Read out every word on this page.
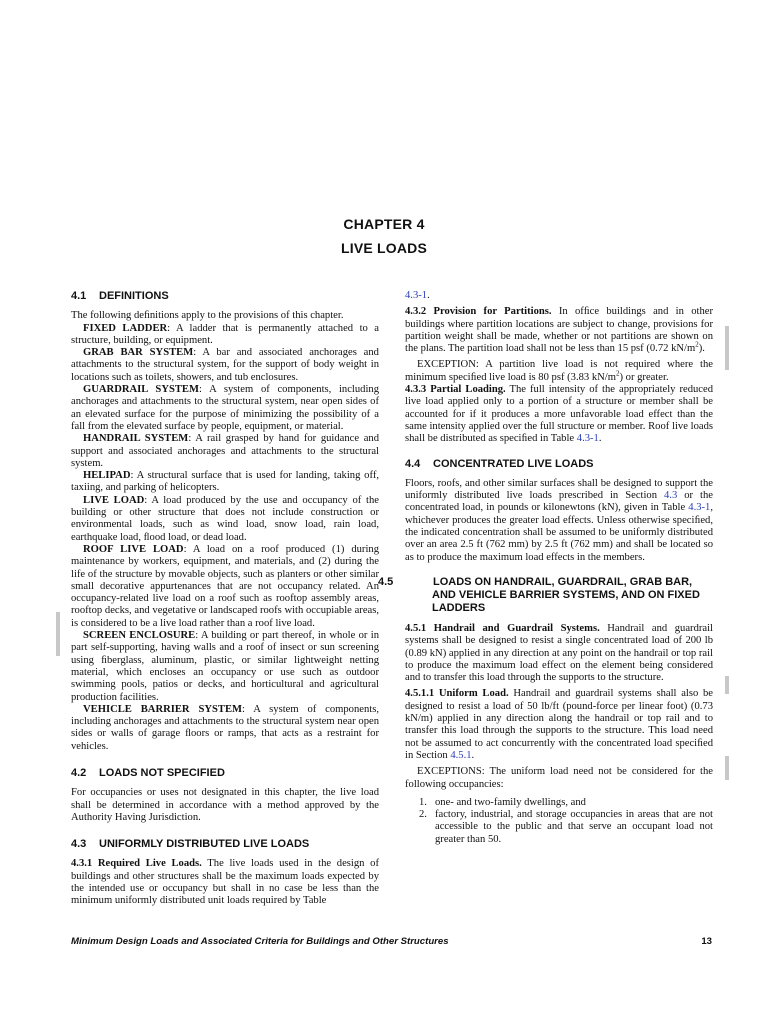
CHAPTER 4
LIVE LOADS
4.1 DEFINITIONS

The following deﬁnitions apply to the provisions of this chapter.

FIXED LADDER: A ladder that is permanently attached to a structure, building, or equipment.

GRAB BAR SYSTEM: A bar and associated anchorages and attachments to the structural system, for the support of body weight in locations such as toilets, showers, and tub enclosures.

GUARDRAIL SYSTEM: A system of components, including anchorages and attachments to the structural system, near open sides of an elevated surface for the purpose of minimizing the possibility of a fall from the elevated surface by people, equipment, or material.

HANDRAIL SYSTEM: A rail grasped by hand for guidance and support and associated anchorages and attachments to the structural system.

HELIPAD: A structural surface that is used for landing, taking off, taxiing, and parking of helicopters.

LIVE LOAD: A load produced by the use and occupancy of the building or other structure that does not include construction or environmental loads, such as wind load, snow load, rain load, earthquake load, ﬂood load, or dead load.

ROOF LIVE LOAD: A load on a roof produced (1) during maintenance by workers, equipment, and materials, and (2) during the life of the structure by movable objects, such as planters or other similar small decorative appurtenances that are not occupancy related. An occupancy-related live load on a roof such as rooftop assembly areas, rooftop decks, and vegetative or landscaped roofs with occupiable areas, is considered to be a live load rather than a roof live load.

SCREEN ENCLOSURE: A building or part thereof, in whole or in part self-supporting, having walls and a roof of insect or sun screening using ﬁberglass, aluminum, plastic, or similar lightweight netting material, which encloses an occupancy or use such as outdoor swimming pools, patios or decks, and horticultural and agricultural production facilities.

VEHICLE BARRIER SYSTEM: A system of components, including anchorages and attachments to the structural system near open sides or walls of garage ﬂoors or ramps, that acts as a restraint for vehicles.

4.2 LOADS NOT SPECIFIED

For occupancies or uses not designated in this chapter, the live load shall be determined in accordance with a method approved by the Authority Having Jurisdiction.

4.3 UNIFORMLY DISTRIBUTED LIVE LOADS

4.3.1 Required Live Loads. The live loads used in the design of buildings and other structures shall be the maximum loads expected by the intended use or occupancy but shall in no case be less than the minimum uniformly distributed unit loads required by Table

4.3-1.

4.3.2 Provision for Partitions. In ofﬁce buildings and in other buildings where partition locations are subject to change, provisions for partition weight shall be made, whether or not partitions are shown on the plans. The partition load shall not be less than 15 psf (0.72 $kN/m^2$).

EXCEPTION: A partition live load is not required where the minimum speciﬁed live load is 80 psf (3.83 $kN/m^2$) or greater.

4.3.3 Partial Loading. The full intensity of the appropriately reduced live load applied only to a portion of a structure or member shall be accounted for if it produces a more unfavorable load effect than the same intensity applied over the full structure or member. Roof live loads shall be distributed as speciﬁed in Table 4.3-1.

4.4 CONCENTRATED LIVE LOADS

Floors, roofs, and other similar surfaces shall be designed to support the uniformly distributed live loads prescribed in Section 4.3 or the concentrated load, in pounds or kilonewtons (kN), given in Table 4.3-1, whichever produces the greater load effects. Unless otherwise speciﬁed, the indicated concentration shall be assumed to be uniformly distributed over an area 2.5 ft (762 mm) by 2.5 ft (762 mm) and shall be located so as to produce the maximum load effects in the members.

4.5	LOADS ON HANDRAIL, GUARDRAIL, GRAB BAR, AND VEHICLE BARRIER SYSTEMS, AND ON FIXED LADDERS

4.5.1 Handrail and Guardrail Systems. Handrail and guardrail systems shall be designed to resist a single concentrated load of 200 lb (0.89 kN) applied in any direction at any point on the handrail or top rail to produce the maximum load effect on the element being considered and to transfer this load through the supports to the structure.

4.5.1.1 Uniform Load. Handrail and guardrail systems shall also be designed to resist a load of 50 lb/ft (pound-force per linear foot) (0.73 kN/m) applied in any direction along the handrail or top rail and to transfer this load through the supports to the structure. This load need not be assumed to act concurrently with the concentrated load speciﬁed in Section 4.5.1.

EXCEPTIONS: The uniform load need not be considered for the following occupancies:

1. one- and two-family dwellings, and
2. factory, industrial, and storage occupancies in areas that are not accessible to the public and that serve an occupant load not greater than 50.
Minimum Design Loads and Associated Criteria for Buildings and Other Structures	13
